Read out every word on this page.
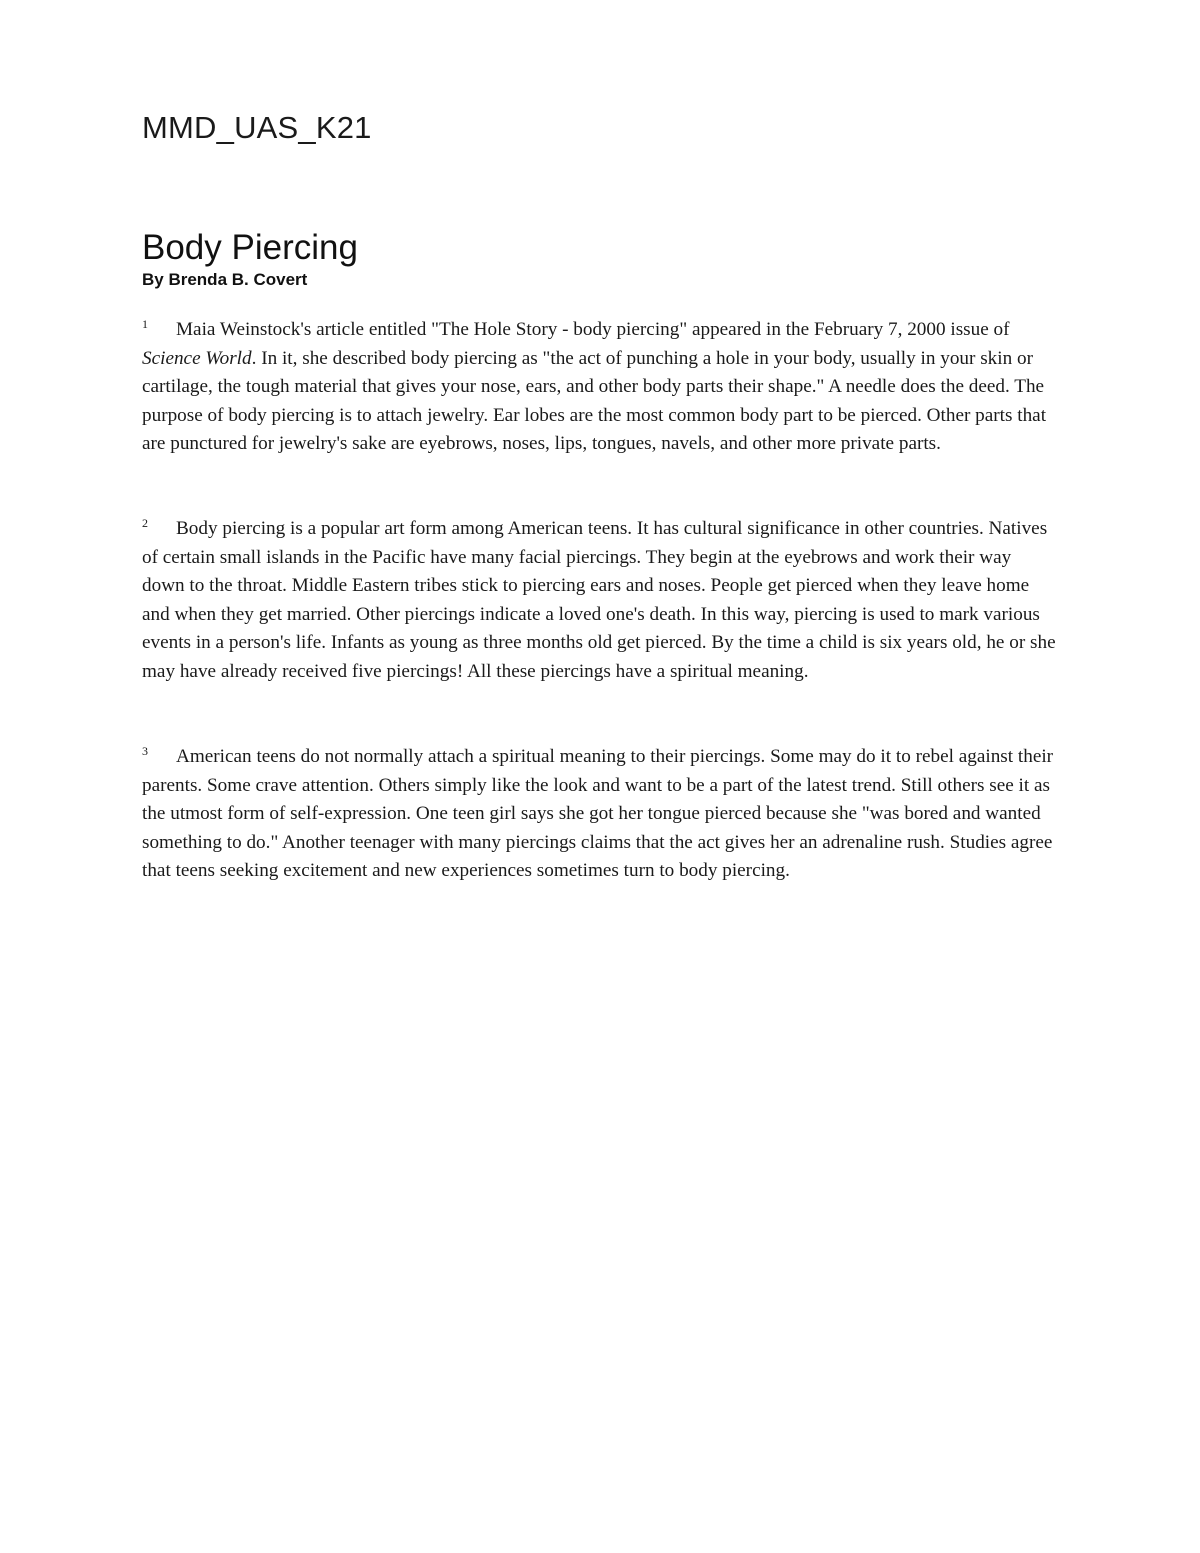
MMD_UAS_K21
Body Piercing

By Brenda B. Covert

1 Maia Weinstock's article entitled "The Hole Story - body piercing" appeared in the February 7, 2000 issue of Science World. In it, she described body piercing as "the act of punching a hole in your body, usually in your skin or cartilage, the tough material that gives your nose, ears, and other body parts their shape." A needle does the deed. The purpose of body piercing is to attach jewelry. Ear lobes are the most common body part to be pierced. Other parts that are punctured for jewelry's sake are eyebrows, noses, lips, tongues, navels, and other more private parts.

2 Body piercing is a popular art form among American teens. It has cultural significance in other countries. Natives of certain small islands in the Pacific have many facial piercings. They begin at the eyebrows and work their way down to the throat. Middle Eastern tribes stick to piercing ears and noses. People get pierced when they leave home and when they get married. Other piercings indicate a loved one's death. In this way, piercing is used to mark various events in a person's life. Infants as young as three months old get pierced. By the time a child is six years old, he or she may have already received five piercings! All these piercings have a spiritual meaning.

3 American teens do not normally attach a spiritual meaning to their piercings. Some may do it to rebel against their parents. Some crave attention. Others simply like the look and want to be a part of the latest trend. Still others see it as the utmost form of self-expression. One teen girl says she got her tongue pierced because she "was bored and wanted something to do." Another teenager with many piercings claims that the act gives her an adrenaline rush. Studies agree that teens seeking excitement and new experiences sometimes turn to body piercing.
